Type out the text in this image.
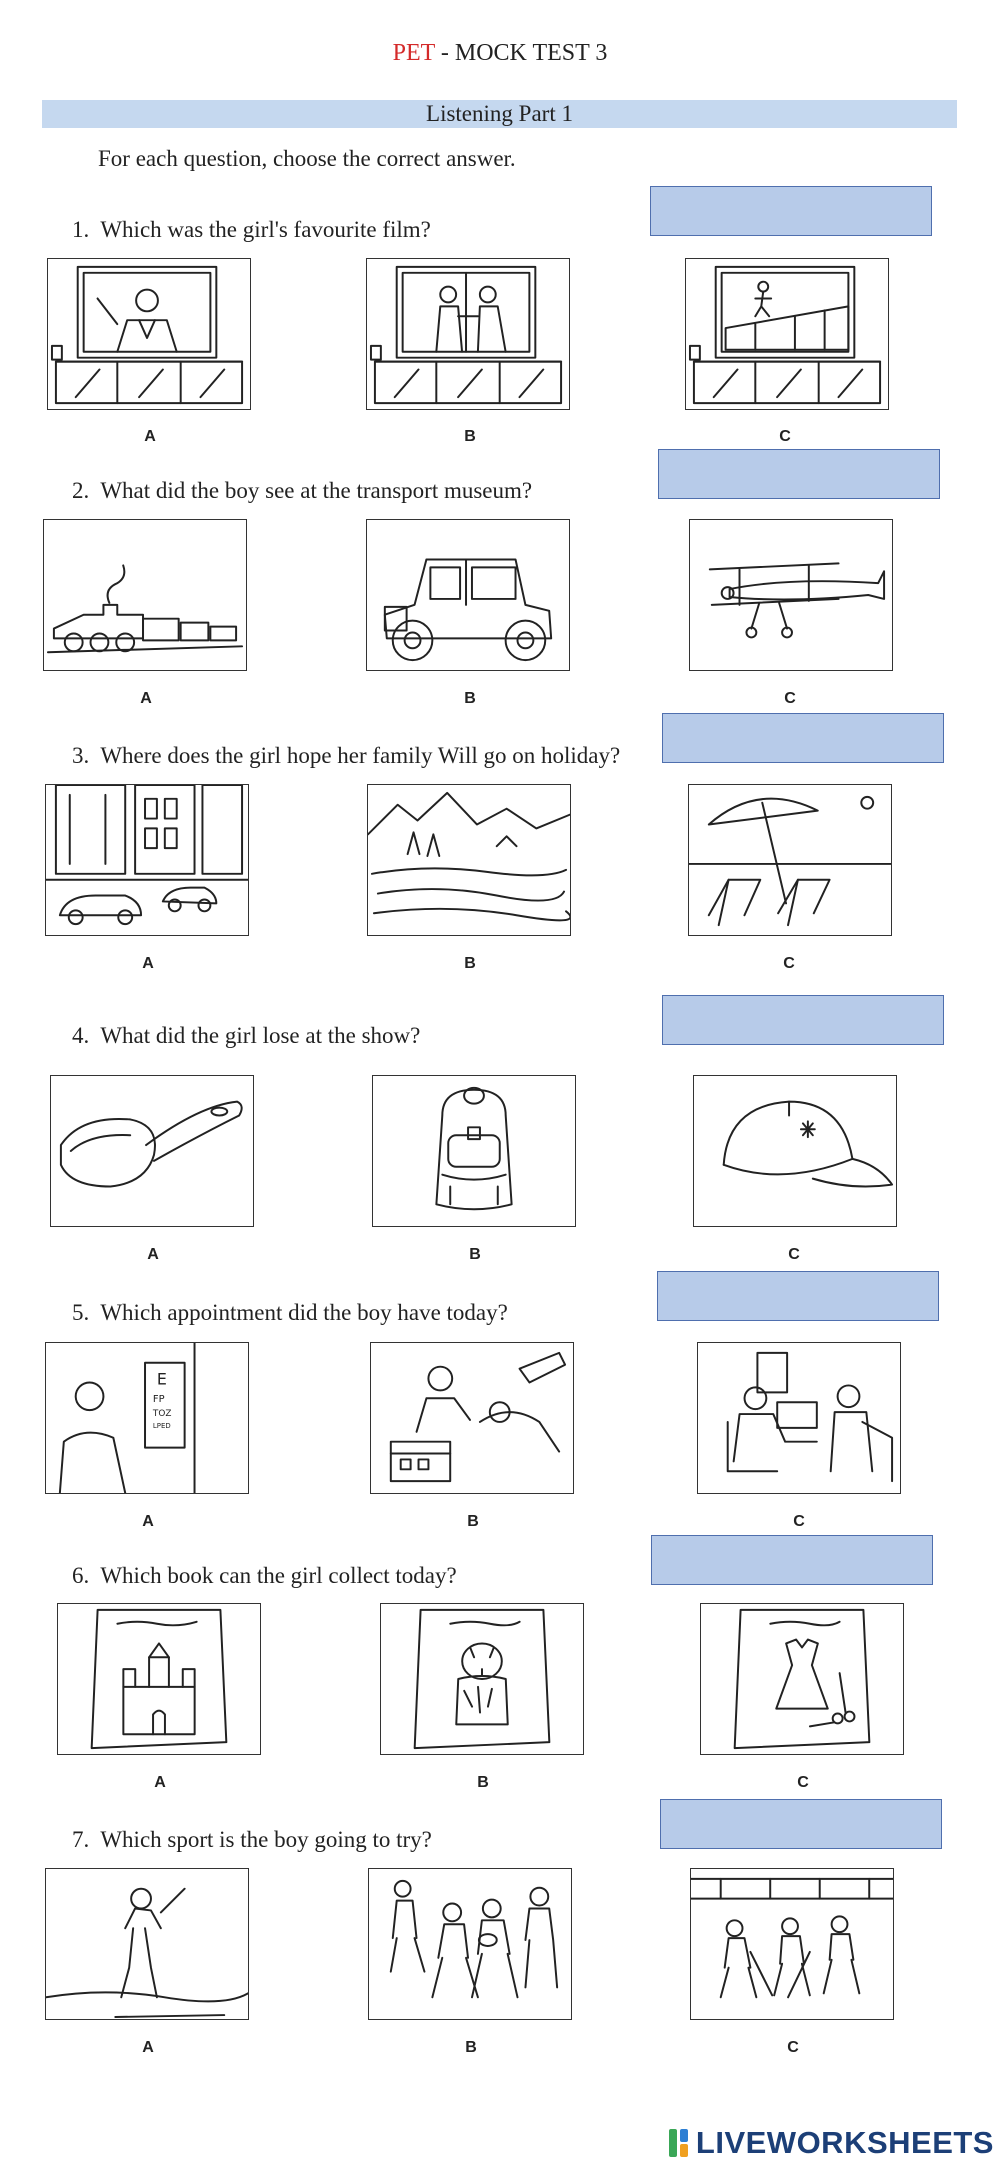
PET - MOCK TEST 3
Listening Part 1
For each question, choose the correct answer.
1. Which was the girl's favourite film?
A	B	C
2. What did the boy see at the transport museum?
A	B	C
3. Where does the girl hope her family Will go on holiday?
A	B	C
4. What did the girl lose at the show?
A	B	C
5. Which appointment did the boy have today?
E
FP
TOZ
LPED
A	B	C
6. Which book can the girl collect today?
A	B	C
7. Which sport is the boy going to try?
A	B	C
LIVEWORKSHEETS
